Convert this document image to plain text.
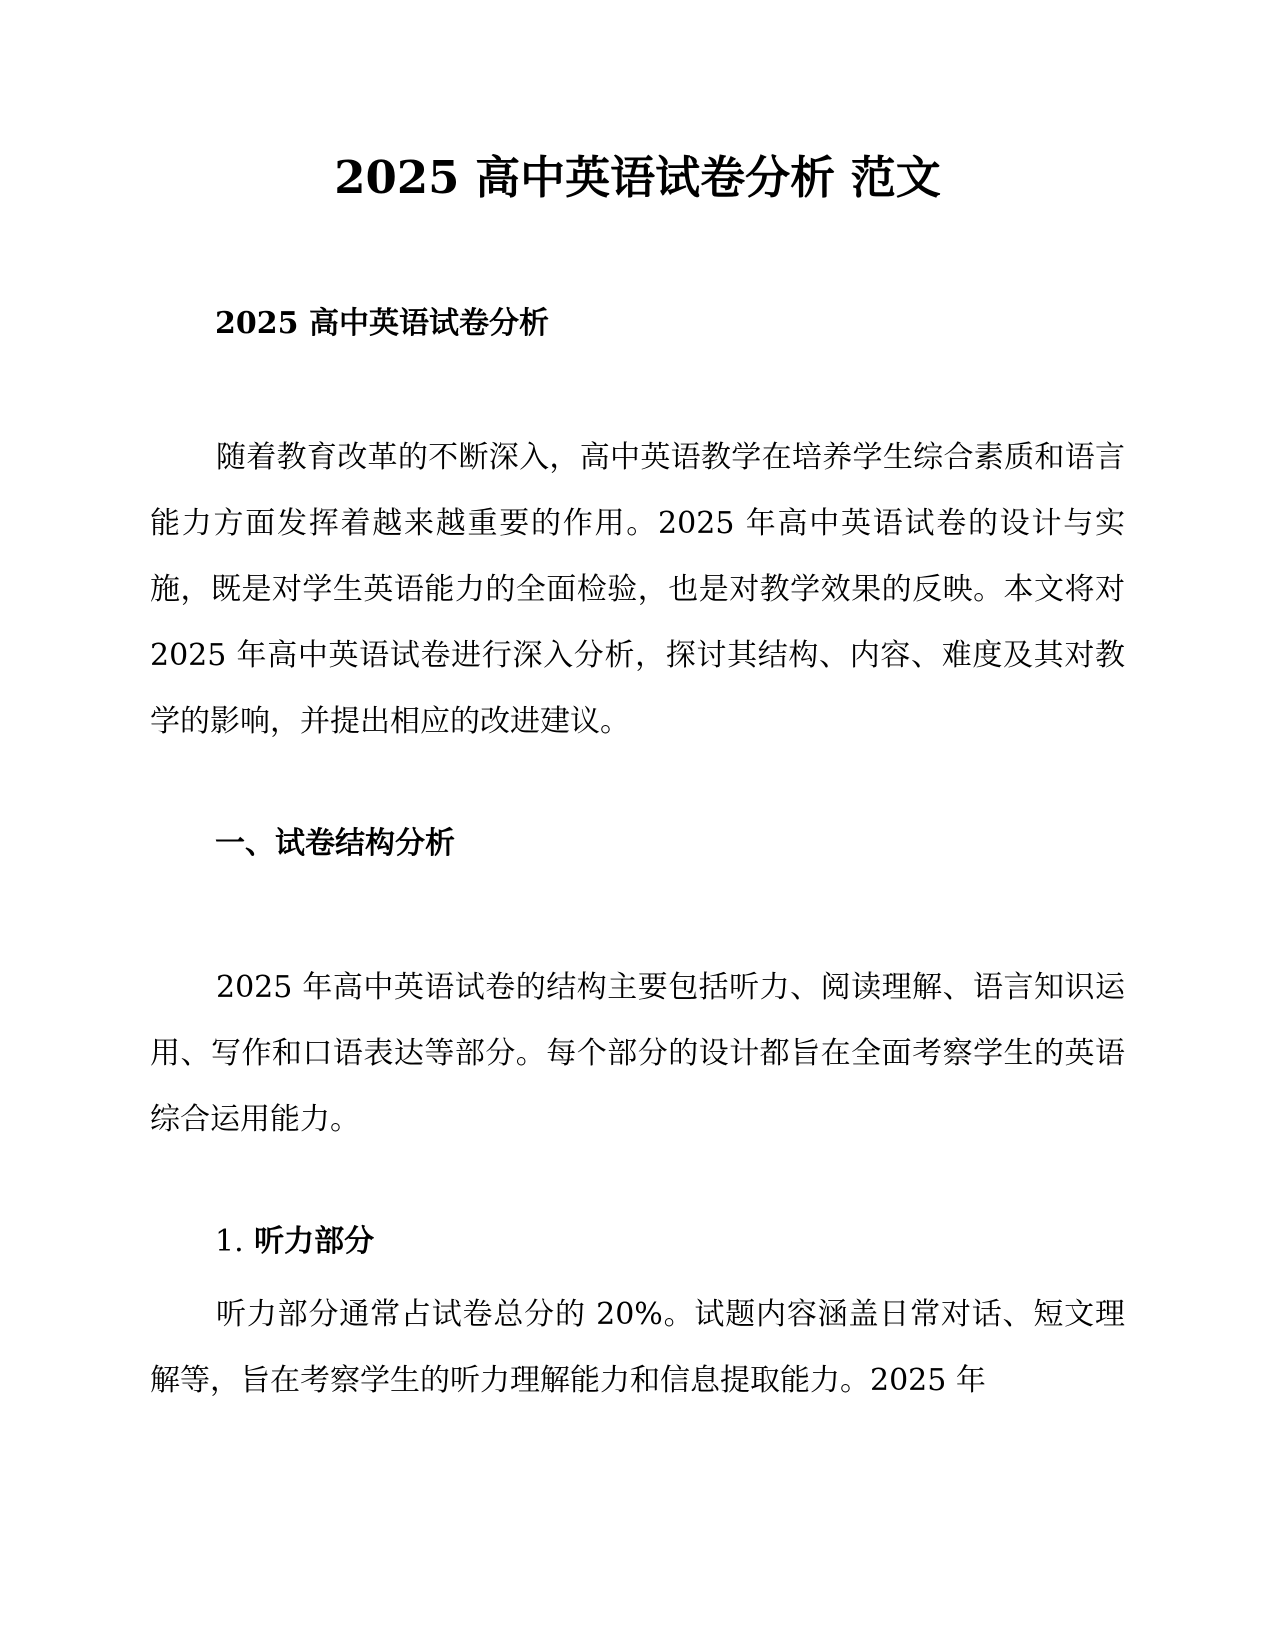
2025 高中英语试卷分析 范文
2025 高中英语试卷分析

随着教育改革的不断深入，高中英语教学在培养学生综合素质和语言能力方面发挥着越来越重要的作用。2025 年高中英语试卷的设计与实施，既是对学生英语能力的全面检验，也是对教学效果的反映。本文将对 2025 年高中英语试卷进行深入分析，探讨其结构、内容、难度及其对教学的影响，并提出相应的改进建议。

一、试卷结构分析

2025 年高中英语试卷的结构主要包括听力、阅读理解、语言知识运用、写作和口语表达等部分。每个部分的设计都旨在全面考察学生的英语综合运用能力。

1. 听力部分

听力部分通常占试卷总分的 20%。试题内容涵盖日常对话、短文理解等，旨在考察学生的听力理解能力和信息提取能力。2025 年
